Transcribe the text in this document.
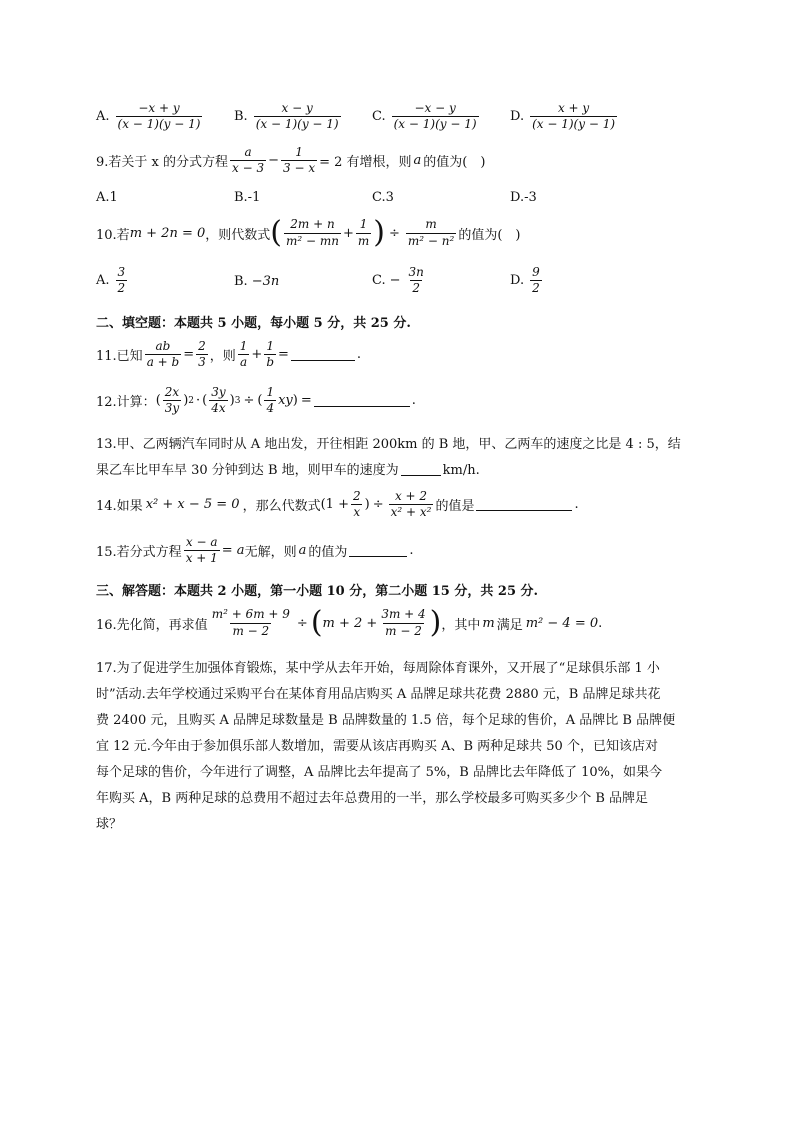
A. $\frac{-x + y}{(x - 1)(y - 1)} B$. $\frac{x - y}{(x - 1)(y - 1)} C$. $\frac{-x - y}{(x - 1)(y - 1)} D$. $\frac{x + y}{(x - 1)(y - 1)}$
9.若关于 x 的分式方程 $\frac{a}{x - 3} - \frac{1}{3 - x} = 2$ 有增根，则 a 的值为(　)
A.1	B.-1	C.3	D.-3
10.若 m + 2n = 0 ，则代数式 ( $\frac{2m + n}{\text{m² − mn}} + \frac{1}{m}$ ) ÷ $\frac{m}{\text{m² − n²}}$ 的值为(　)
A. $\frac{3}{2}$	B. −3n	C. − $\frac{3n}{2}$	D. $\frac{9}{2}$
二、填空题：本题共 5 小题，每小题 5 分，共 25 分.
11.已知 $\frac{ab}{a + b} = \frac{2}{3}$ ，则 $\frac{1}{a} + \frac{1}{b}$ =	.
12.计算： ( $\frac{2x}{3y}$ ) 2 · ( $\frac{3y}{4x}$ ) 3 ÷ ( $\frac{1}{4}$ xy ) =	.
13.甲、乙两辆汽车同时从 A 地出发，开往相距 200km 的 B 地，甲、乙两车的速度之比是 4 : 5，结
果乙车比甲车早 30 分钟到达 B 地，则甲车的速度为	km/h.
14.如果 x² + x − 5 = 0 ，那么代数式 ($1 + \frac{2}{x}$ ) ÷ $\frac{x + 2}{\text{x² + x²}}$ 的值是	.
15.若分式方程 $\frac{x - a}{x + 1} = a$ 无解，则 a 的值为	.
三、解答题：本题共 2 小题，第一小题 10 分，第二小题 15 分，共 25 分.
16.先化简，再求值 $\frac{\text{m² + 6m + 9}}{m - 2}$ ÷ ( $m + 2 + \frac{3m + 4}{m - 2}$ ) ，其中 m 满足 m² − 4 = 0 .
17.为了促进学生加强体育锻炼，某中学从去年开始，每周除体育课外，又开展了“足球俱乐部 1 小
时”活动.去年学校通过采购平台在某体育用品店购买 A 品牌足球共花费 2880 元，B 品牌足球共花
费 2400 元，且购买 A 品牌足球数量是 B 品牌数量的 1.5 倍，每个足球的售价，A 品牌比 B 品牌便
宜 12 元.今年由于参加俱乐部人数增加，需要从该店再购买 A、B 两种足球共 50 个，已知该店对
每个足球的售价，今年进行了调整，A 品牌比去年提高了 5%，B 品牌比去年降低了 10%，如果今
年购买 A，B 两种足球的总费用不超过去年总费用的一半，那么学校最多可购买多少个 B 品牌足
球？
